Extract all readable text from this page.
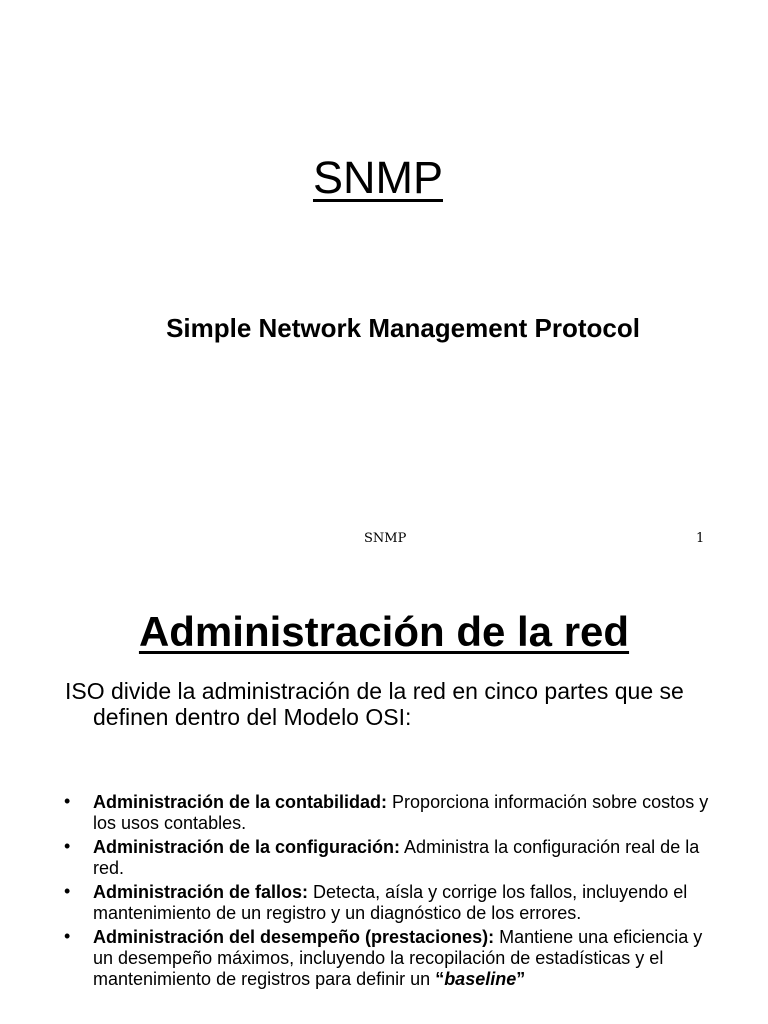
SNMP
Simple Network Management Protocol
SNMP	1
Administración de la red

ISO divide la administración de la red en cinco partes que se definen dentro del Modelo OSI:

• Administración de la contabilidad: Proporciona información sobre costos y los usos contables.
• Administración de la configuración: Administra la configuración real de la red.
• Administración de fallos: Detecta, aísla y corrige los fallos, incluyendo el mantenimiento de un registro y un diagnóstico de los errores.
• Administración del desempeño (prestaciones): Mantiene una eficiencia y un desempeño máximos, incluyendo la recopilación de estadísticas y el mantenimiento de registros para definir un “baseline”
